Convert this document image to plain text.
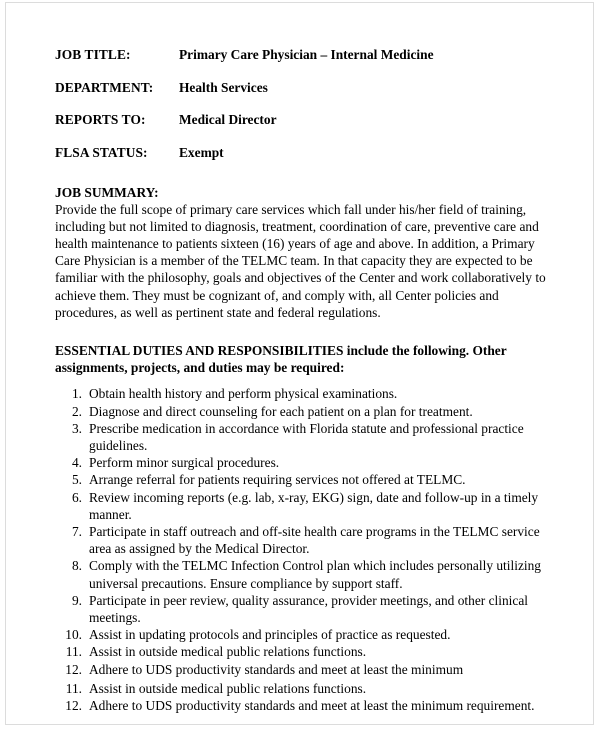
JOB TITLE:	Primary Care Physician – Internal Medicine
DEPARTMENT:	Health Services
REPORTS TO:	Medical Director
FLSA STATUS:	Exempt
JOB SUMMARY:

Provide the full scope of primary care services which fall under his/her field of training, including but not limited to diagnosis, treatment, coordination of care, preventive care and health maintenance to patients sixteen (16) years of age and above. In addition, a Primary Care Physician is a member of the TELMC team. In that capacity they are expected to be familiar with the philosophy, goals and objectives of the Center and work collaboratively to achieve them. They must be cognizant of, and comply with, all Center policies and procedures, as well as pertinent state and federal regulations.

ESSENTIAL DUTIES AND RESPONSIBILITIES include the following. Other assignments, projects, and duties may be required:
1. Obtain health history and perform physical examinations.
2. Diagnose and direct counseling for each patient on a plan for treatment.
3. Prescribe medication in accordance with Florida statute and professional practice guidelines.
4. Perform minor surgical procedures.
5. Arrange referral for patients requiring services not offered at TELMC.
6. Review incoming reports (e.g. lab, x-ray, EKG) sign, date and follow-up in a timely manner.
7. Participate in staff outreach and off-site health care programs in the TELMC service area as assigned by the Medical Director.
8. Comply with the TELMC Infection Control plan which includes personally utilizing universal precautions. Ensure compliance by support staff.
9. Participate in peer review, quality assurance, provider meetings, and other clinical meetings.
10. Assist in updating protocols and principles of practice as requested.
11. Assist in outside medical public relations functions.
12. Adhere to UDS productivity standards and meet at least the minimum
11. Assist in outside medical public relations functions.
12. Adhere to UDS productivity standards and meet at least the minimum requirement.
